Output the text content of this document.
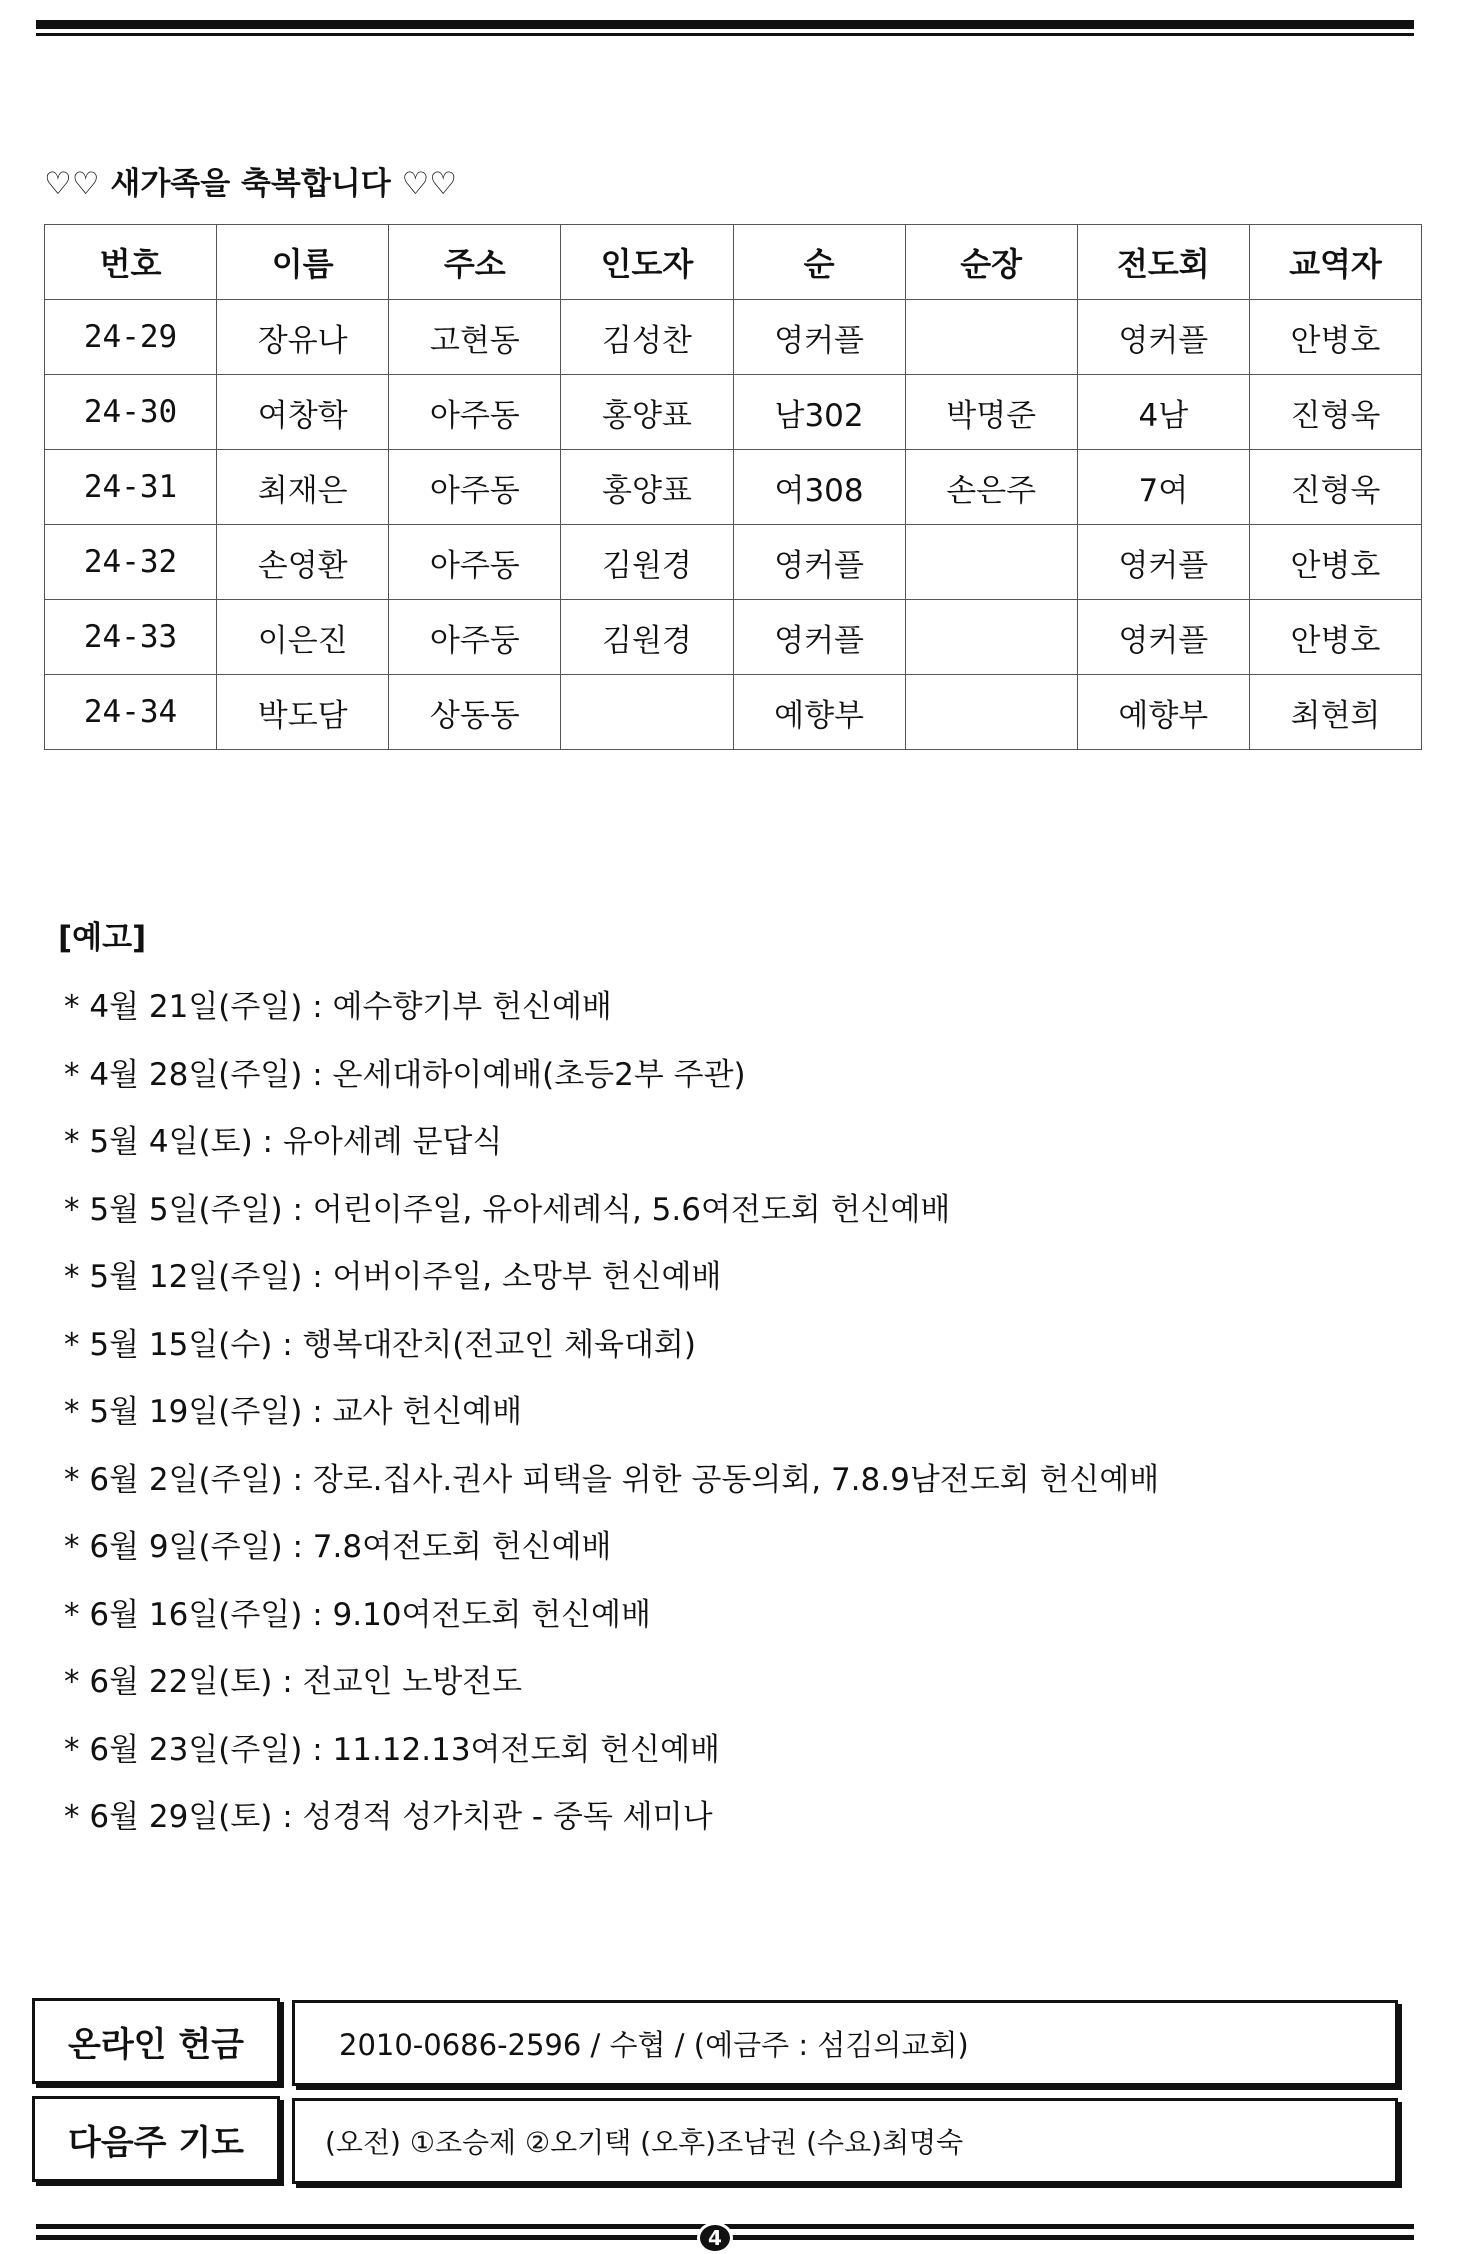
♡♡ 새가족을 축복합니다 ♡♡
번호	이름	주소	인도자	순	순장	전도회	교역자
24-29	장유나	고현동	김성찬	영커플		영커플	안병호
24-30	여창학	아주동	홍양표	남302	박명준	4남	진형욱
24-31	최재은	아주동	홍양표	여308	손은주	7여	진형욱
24-32	손영환	아주동	김원경	영커플		영커플	안병호
24-33	이은진	아주둥	김원경	영커플		영커플	안병호
24-34	박도담	상동동		예향부		예향부	최현희
[예고]
* 4월 21일(주일) : 예수향기부 헌신예배
* 4월 28일(주일) : 온세대하이예배(초등2부 주관)
* 5월 4일(토) : 유아세례 문답식
* 5월 5일(주일) : 어린이주일, 유아세례식, 5.6여전도회 헌신예배
* 5월 12일(주일) : 어버이주일, 소망부 헌신예배
* 5월 15일(수) : 행복대잔치(전교인 체육대회)
* 5월 19일(주일) : 교사 헌신예배
* 6월 2일(주일) : 장로.집사.권사 피택을 위한 공동의회, 7.8.9남전도회 헌신예배
* 6월 9일(주일) : 7.8여전도회 헌신예배
* 6월 16일(주일) : 9.10여전도회 헌신예배
* 6월 22일(토) : 전교인 노방전도
* 6월 23일(주일) : 11.12.13여전도회 헌신예배
* 6월 29일(토) : 성경적 성가치관 - 중독 세미나
온라인 헌금	2010-0686-2596 / 수협 / (예금주 : 섬김의교회)
다음주 기도	(오전) ①조승제 ②오기택 (오후)조남권 (수요)최명숙
4
